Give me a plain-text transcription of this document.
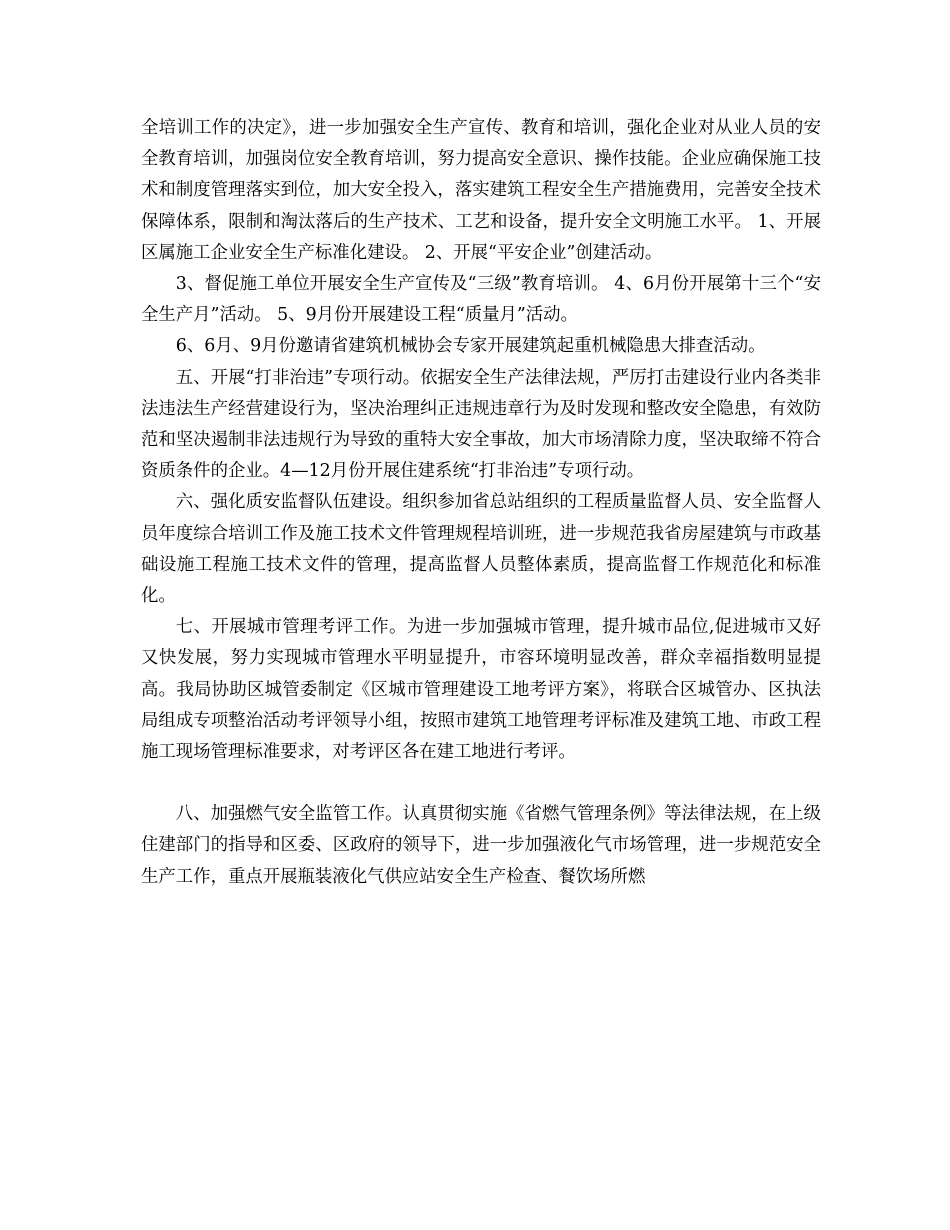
全培训工作的决定》，进一步加强安全生产宣传、教育和培训，强化企业对从业人员的安全教育培训，加强岗位安全教育培训，努力提高安全意识、操作技能。企业应确保施工技术和制度管理落实到位，加大安全投入，落实建筑工程安全生产措施费用，完善安全技术保障体系，限制和淘汰落后的生产技术、工艺和设备，提升安全文明施工水平。 1、开展区属施工企业安全生产标准化建设。 2、开展“平安企业”创建活动。

3、督促施工单位开展安全生产宣传及“三级”教育培训。 4、6月份开展第十三个“安全生产月”活动。 5、9月份开展建设工程“质量月”活动。

6、6月、9月份邀请省建筑机械协会专家开展建筑起重机械隐患大排查活动。

五、开展“打非治违”专项行动。依据安全生产法律法规，严厉打击建设行业内各类非法违法生产经营建设行为，坚决治理纠正违规违章行为及时发现和整改安全隐患，有效防范和坚决遏制非法违规行为导致的重特大安全事故，加大市场清除力度，坚决取缔不符合资质条件的企业。4—12月份开展住建系统“打非治违”专项行动。

六、强化质安监督队伍建设。组织参加省总站组织的工程质量监督人员、安全监督人员年度综合培训工作及施工技术文件管理规程培训班，进一步规范我省房屋建筑与市政基础设施工程施工技术文件的管理，提高监督人员整体素质，提高监督工作规范化和标准化。

七、开展城市管理考评工作。为进一步加强城市管理，提升城市品位,促进城市又好又快发展，努力实现城市管理水平明显提升，市容环境明显改善，群众幸福指数明显提高。我局协助区城管委制定《区城市管理建设工地考评方案》，将联合区城管办、区执法局组成专项整治活动考评领导小组，按照市建筑工地管理考评标准及建筑工地、市政工程施工现场管理标准要求，对考评区各在建工地进行考评。

八、加强燃气安全监管工作。认真贯彻实施《省燃气管理条例》等法律法规，在上级住建部门的指导和区委、区政府的领导下，进一步加强液化气市场管理，进一步规范安全生产工作，重点开展瓶装液化气供应站安全生产检查、餐饮场所燃
